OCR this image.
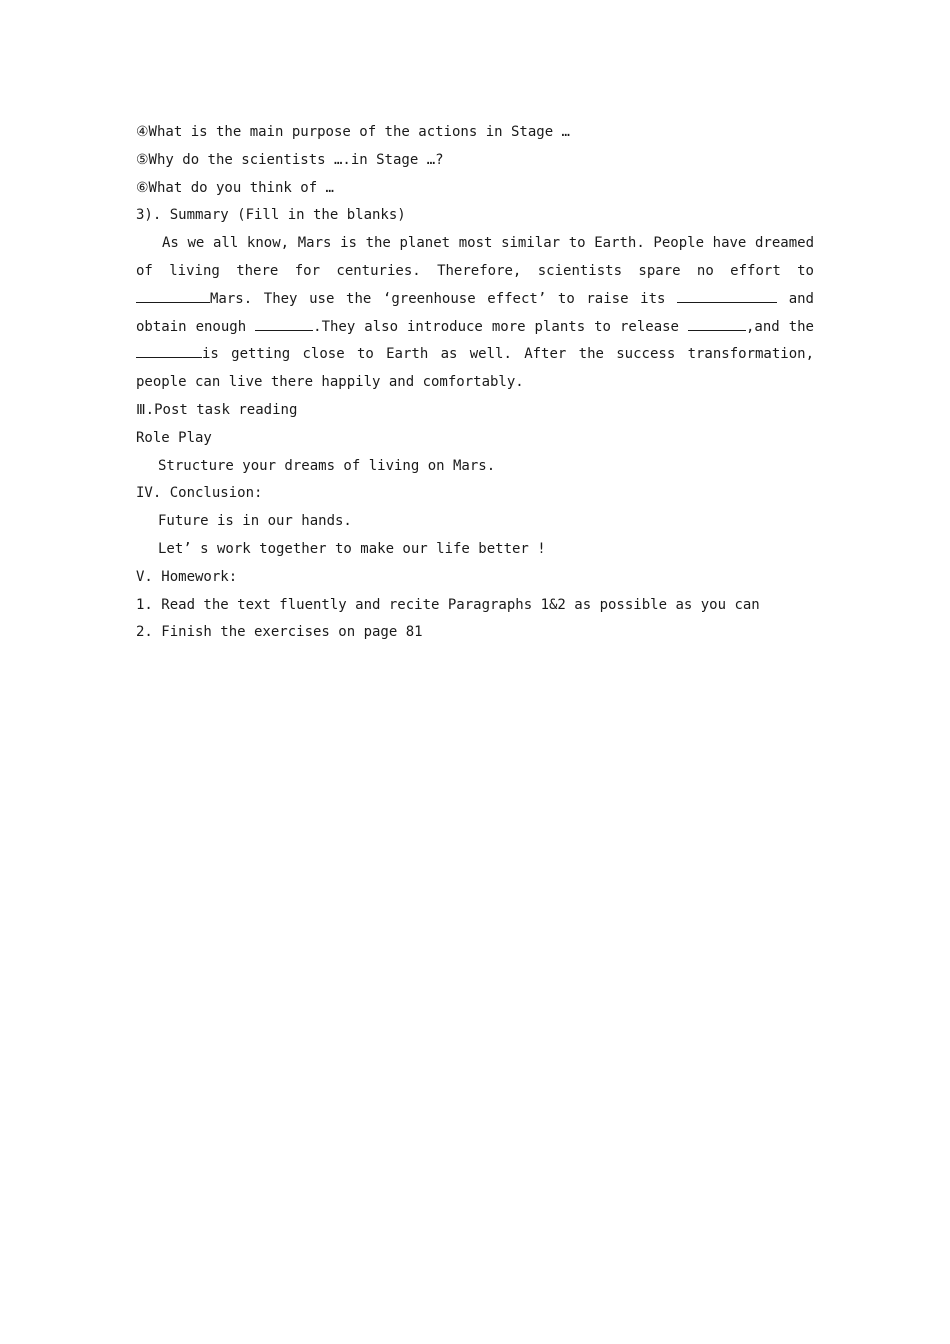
④What is the main purpose of the actions in Stage …
⑤Why do the scientists ….in Stage …?
⑥What do you think of …
3). Summary (Fill in the blanks)
As we all know, Mars is the planet most similar to Earth. People have dreamed
of living there for centuries. Therefore, scientists spare no effort to
Mars. They use the ‘greenhouse effect’ to raise its	and
obtain enough	.They also introduce more plants to release	,and the
is getting close to Earth as well. After the success transformation,
people can live there happily and comfortably.
Ⅲ.Post task reading
Role Play
Structure your dreams of living on Mars.
IV. Conclusion:
Future is in our hands.
Let’ s work together to make our life better !
V. Homework:
1. Read the text fluently and recite Paragraphs 1&2 as possible as you can
2. Finish the exercises on page 81
